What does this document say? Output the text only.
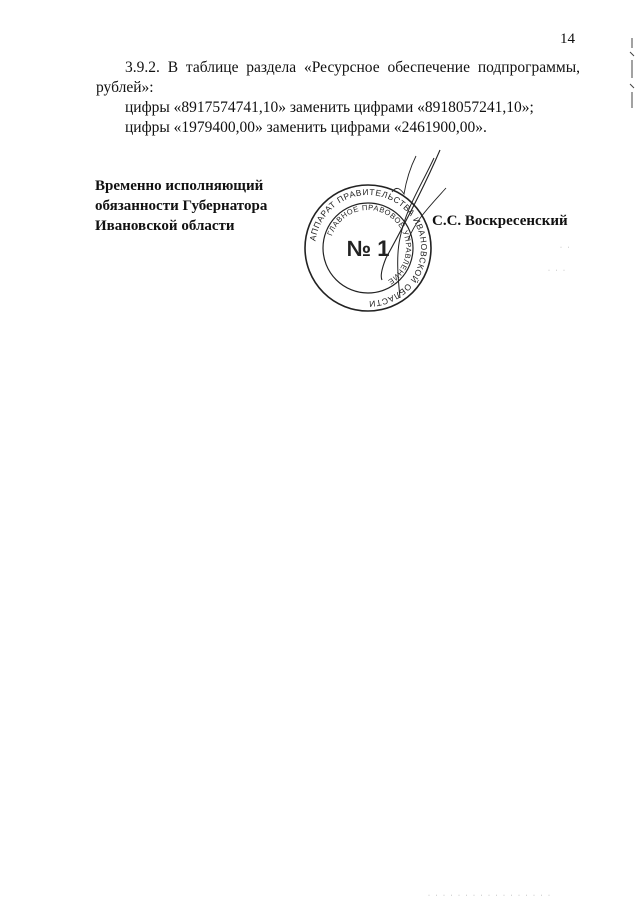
14
3.9.2. В таблице раздела «Ресурсное обеспечение подпрограммы,
рублей»:
цифры «8917574741,10» заменить цифрами «8918057241,10»;
цифры «1979400,00» заменить цифрами «2461900,00».
Временно исполняющий
обязанности Губернатора
Ивановской области	С.С. Воскресенский
АППАРАТ ПРАВИТЕЛЬСТВА ИВАНОВСКОЙ ОБЛАСТИ
ГЛАВНОЕ ПРАВОВОЕ УПРАВЛЕНИЕ
№ 1	· ·
· · ·
· · · · · · · · · · · · · · · · ·
